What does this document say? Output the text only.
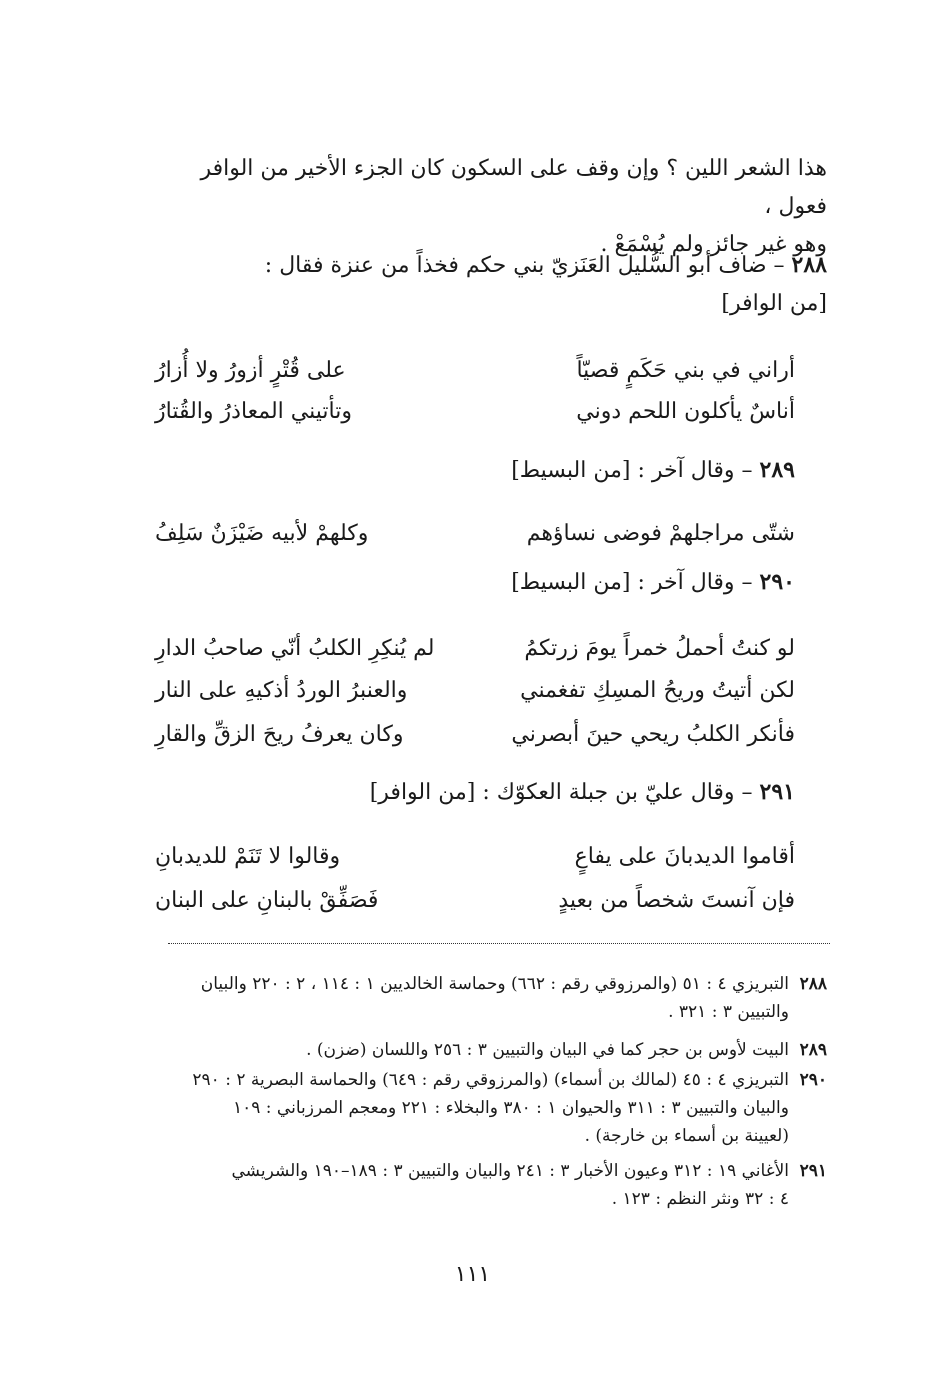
هذا الشعر اللين ؟ وإن وقف على السكون كان الجزء الأخير من الوافر فعول ،
وهو غير جائز ولم يُسْمَعْ .
٢٨٨ – ضاف أبو السُّليل العَنَزيّ بني حكم فخذاً من عنزة فقال :
[من الوافر]
أراني في بني حَكَمٍ قصيّاً
على قُتْرٍ أزورُ ولا أُزارُ
أناسٌ يأكلون اللحم دوني
وتأتيني المعاذرُ والقُتارُ
٢٨٩ – وقال آخر : [من البسيط]
شتّى مراجلهمْ فوضى نساؤهم
وكلهمْ لأبيه ضَيْزَنٌ سَلِفُ
٢٩٠ – وقال آخر : [من البسيط]
لو كنتُ أحملُ خمراً يومَ زرتكمُ
لم يُنكِرِ الكلبُ أنّي صاحبُ الدارِ
لكن أتيتُ وريحُ المسِكِ تفغمني
والعنبرُ الوردُ أذكيهِ على النار
فأنكر الكلبُ ريحي حينَ أبصرني
وكان يعرفُ ريحَ الزقِّ والقارِ
٢٩١ – وقال عليّ بن جبلة العكوّك : [من الوافر]
أقاموا الديدبانَ على يفاعٍ
وقالوا لا تَنَمْ للديدبانِ
فإن آنستَ شخصاً من بعيدٍ
فَصَفِّقْ بالبنانِ على البنان
٢٨٨
التبريزي ٤ : ٥١ (والمرزوقي رقم : ٦٦٢) وحماسة الخالديين ١ : ١١٤ ، ٢ : ٢٢٠ والبيان
والتبيين ٣ : ٣٢١ .
٢٨٩
البيت لأوس بن حجر كما في البيان والتبيين ٣ : ٢٥٦ واللسان (ضزن) .
٢٩٠
التبريزي ٤ : ٤٥ (لمالك بن أسماء) (والمرزوقي رقم : ٦٤٩) والحماسة البصرية ٢ : ٢٩٠
والبيان والتبيين ٣ : ٣١١ والحيوان ١ : ٣٨٠ والبخلاء : ٢٢١ ومعجم المرزباني : ١٠٩
(لعيينة بن أسماء بن خارجة) .
٢٩١
الأغاني ١٩ : ٣١٢ وعيون الأخبار ٣ : ٢٤١ والبيان والتبيين ٣ : ١٨٩–١٩٠ والشريشي
٤ : ٣٢ ونثر النظم : ١٢٣ .
١١١
